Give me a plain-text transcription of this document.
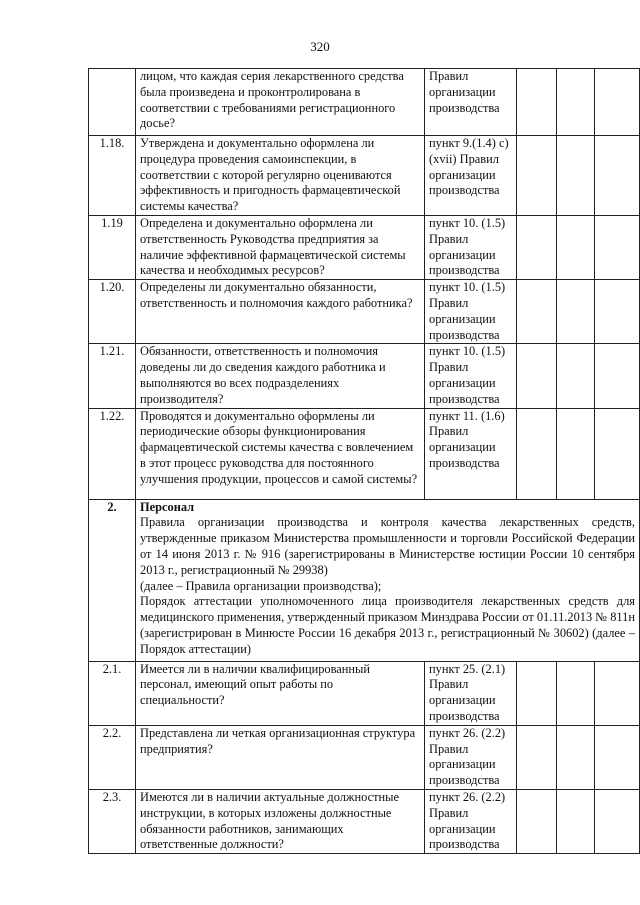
320
	лицом, что каждая серия лекарственного средства была произведена и проконтролирована в соответствии с требованиями регистрационного досье?	Правил организации производства			
1.18.	Утверждена и документально оформлена ли процедура проведения самоинспекции, в соответствии с которой регулярно оцениваются эффективность и пригодность фармацевтической системы качества?	пункт 9.(1.4) с) (xvii) Правил организации производства			
1.19	Определена и документально оформлена ли ответственность Руководства предприятия за наличие эффективной фармацевтической системы качества и необходимых ресурсов?	пункт 10. (1.5) Правил организации производства			
1.20.	Определены ли документально обязанности, ответственность и полномочия каждого работника?	пункт 10. (1.5) Правил организации производства			
1.21.	Обязанности, ответственность и полномочия доведены ли до сведения каждого работника и выполняются во всех подразделениях производителя?	пункт 10. (1.5) Правил организации производства			
1.22.	Проводятся и документально оформлены ли периодические обзоры функционирования фармацевтической системы качества с вовлечением в этот процесс руководства для постоянного улучшения продукции, процессов и самой системы?	пункт 11. (1.6) Правил организации производства			
2.	Персонал
Правила организации производства и контроля качества лекарственных средств, утвержденные приказом Министерства промышленности и торговли Российской Федерации от 14 июня 2013 г. № 916 (зарегистрированы в Министерстве юстиции России 10 сентября 2013 г., регистрационный № 29938)
(далее – Правила организации производства);
Порядок аттестации уполномоченного лица производителя лекарственных средств для медицинского применения, утвержденный приказом Минздрава России от 01.11.2013 № 811н (зарегистрирован в Минюсте России 16 декабря 2013 г., регистрационный № 30602) (далее – Порядок аттестации)				

2.1.	Имеется ли в наличии квалифицированный персонал, имеющий опыт работы по специальности?	пункт 25. (2.1) Правил организации производства			
2.2.	Представлена ли четкая организационная структура предприятия?	пункт 26. (2.2) Правил организации производства			
2.3.	Имеются ли в наличии актуальные должностные инструкции, в которых изложены должностные обязанности работников, занимающих ответственные должности?	пункт 26. (2.2) Правил организации производства			
